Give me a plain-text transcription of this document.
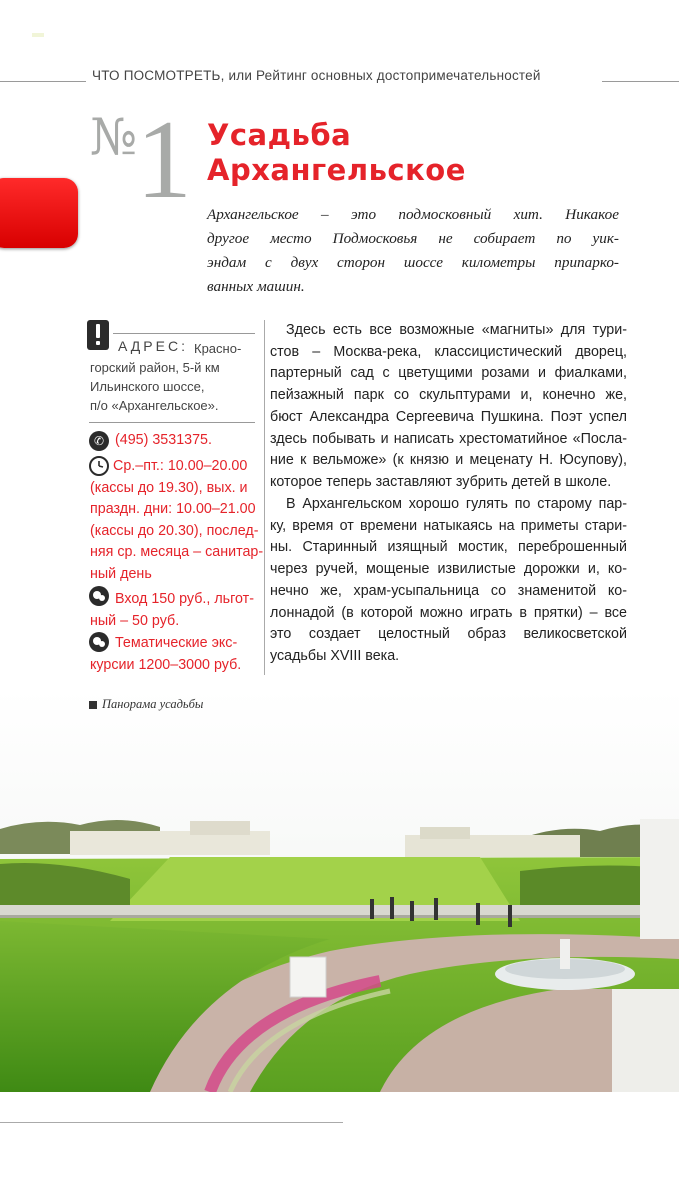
ЧТО ПОСМОТРЕТЬ, или Рейтинг основных достопримечательностей
№
1 Усадьба
Архангельское
Архангельское – это подмосковный хит. Никакое
другое место Подмосковья не собирает по уик-
эндам с двух сторон шоссе километры припарко-
ванных машин.
АДРЕС: Красно-
горский район, 5-й км
Ильинского шоссе,
п/о «Архангельское».
✆ (495) 3531375.
Ср.–пт.: 10.00–20.00
(кассы до 19.30), вых. и
праздн. дни: 10.00–21.00
(кассы до 20.30), послед-
няя ср. месяца – санитар-
ный день
Вход 150 руб., льгот-
ный – 50 руб.
Тематические экс-
курсии 1200–3000 руб.
Здесь есть все возможные «магниты» для тури-
стов – Москва-река, классицистический дворец,
партерный сад с цветущими розами и фиалками,
пейзажный парк со скульптурами и, конечно же,
бюст Александра Сергеевича Пушкина. Поэт успел
здесь побывать и написать хрестоматийное «Посла-
ние к вельможе» (к князю и меценату Н. Юсупову),
которое теперь заставляют зубрить детей в школе.
В Архангельском хорошо гулять по старому пар-
ку, время от времени натыкаясь на приметы стари-
ны. Старинный изящный мостик, переброшенный
через ручей, мощеные извилистые дорожки и, ко-
нечно же, храм-усыпальница со знаменитой ко-
лоннадой (в которой можно играть в прятки) – все
это создает целостный образ великосветской
усадьбы XVIII века.
Панорама усадьбы
